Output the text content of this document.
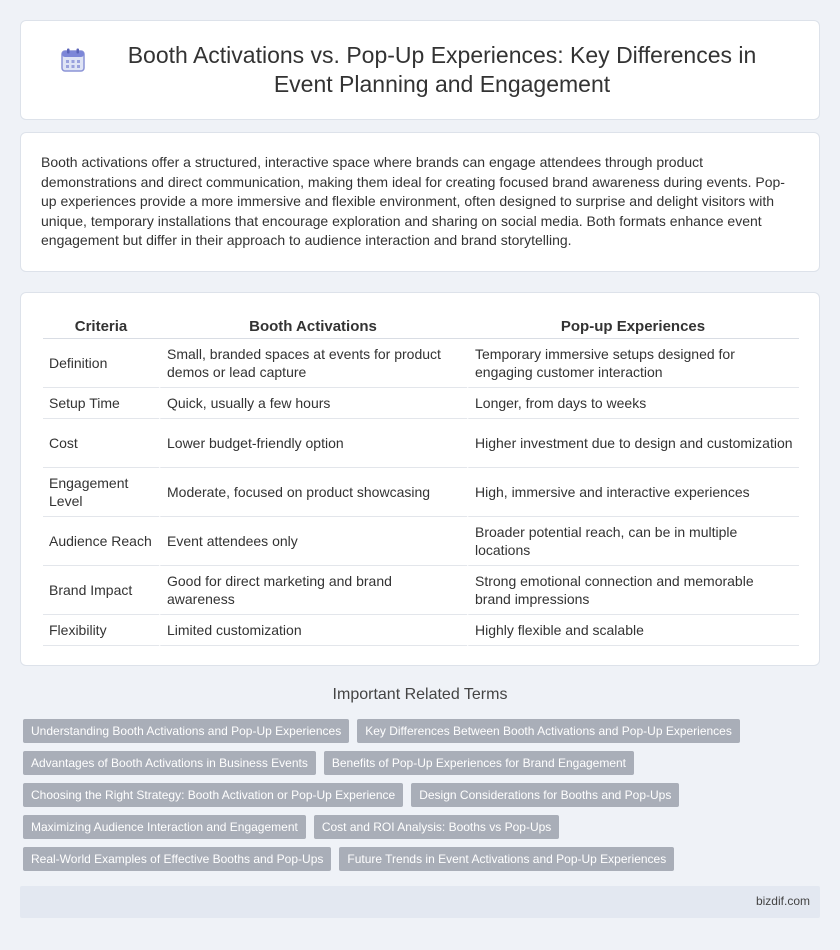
Booth Activations vs. Pop-Up Experiences: Key Differences in Event Planning and Engagement

Booth activations offer a structured, interactive space where brands can engage attendees through product demonstrations and direct communication, making them ideal for creating focused brand awareness during events. Pop-up experiences provide a more immersive and flexible environment, often designed to surprise and delight visitors with unique, temporary installations that encourage exploration and sharing on social media. Both formats enhance event engagement but differ in their approach to audience interaction and brand storytelling.

Criteria	Booth Activations	Pop-up Experiences
Definition	Small, branded spaces at events for product demos or lead capture	Temporary immersive setups designed for engaging customer interaction
Setup Time	Quick, usually a few hours	Longer, from days to weeks
Cost	Lower budget-friendly option	Higher investment due to design and customization
Engagement Level	Moderate, focused on product showcasing	High, immersive and interactive experiences
Audience Reach	Event attendees only	Broader potential reach, can be in multiple locations
Brand Impact	Good for direct marketing and brand awareness	Strong emotional connection and memorable brand impressions
Flexibility	Limited customization	Highly flexible and scalable
Important Related Terms
Understanding Booth Activations and Pop-Up Experiences	Key Differences Between Booth Activations and Pop-Up Experiences
Advantages of Booth Activations in Business Events	Benefits of Pop-Up Experiences for Brand Engagement
Choosing the Right Strategy: Booth Activation or Pop-Up Experience	Design Considerations for Booths and Pop-Ups
Maximizing Audience Interaction and Engagement	Cost and ROI Analysis: Booths vs Pop-Ups
Real-World Examples of Effective Booths and Pop-Ups	Future Trends in Event Activations and Pop-Up Experiences
bizdif.com
